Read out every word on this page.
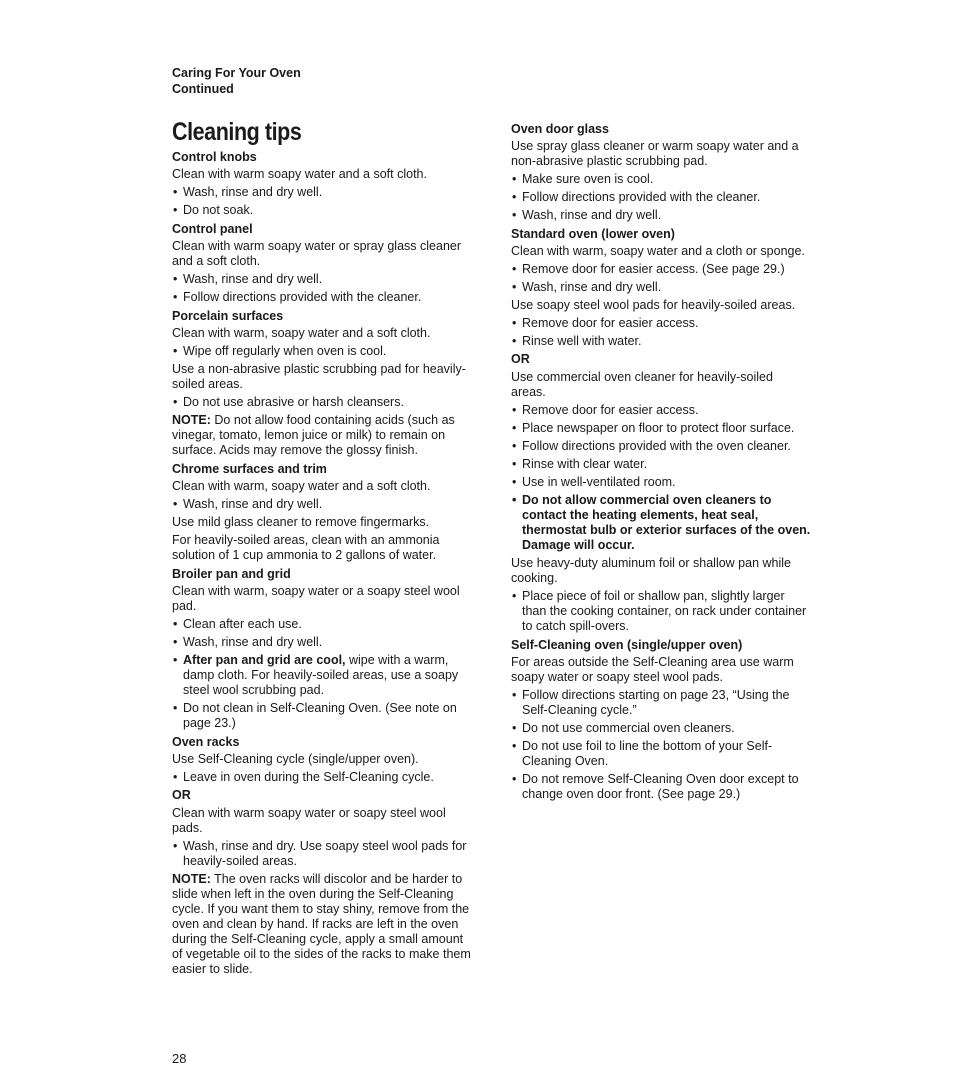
Caring For Your Oven
Continued
Cleaning tips
Control knobs
Clean with warm soapy water and a soft cloth.
• Wash, rinse and dry well.
• Do not soak.
Control panel
Clean with warm soapy water or spray glass cleaner and a soft cloth.
• Wash, rinse and dry well.
• Follow directions provided with the cleaner.
Porcelain surfaces
Clean with warm, soapy water and a soft cloth.
• Wipe off regularly when oven is cool.
Use a non-abrasive plastic scrubbing pad for heavily-soiled areas.
• Do not use abrasive or harsh cleansers.
NOTE: Do not allow food containing acids (such as vinegar, tomato, lemon juice or milk) to remain on surface. Acids may remove the glossy finish.
Chrome surfaces and trim
Clean with warm, soapy water and a soft cloth.
• Wash, rinse and dry well.
Use mild glass cleaner to remove fingermarks.
For heavily-soiled areas, clean with an ammonia solution of 1 cup ammonia to 2 gallons of water.
Broiler pan and grid
Clean with warm, soapy water or a soapy steel wool pad.
• Clean after each use.
• Wash, rinse and dry well.
• After pan and grid are cool, wipe with a warm, damp cloth. For heavily-soiled areas, use a soapy steel wool scrubbing pad.
• Do not clean in Self-Cleaning Oven. (See note on page 23.)
Oven racks
Use Self-Cleaning cycle (single/upper oven).
• Leave in oven during the Self-Cleaning cycle.
OR
Clean with warm soapy water or soapy steel wool pads.
• Wash, rinse and dry. Use soapy steel wool pads for heavily-soiled areas.
NOTE: The oven racks will discolor and be harder to slide when left in the oven during the Self-Cleaning cycle. If you want them to stay shiny, remove from the oven and clean by hand. If racks are left in the oven during the Self-Cleaning cycle, apply a small amount of vegetable oil to the sides of the racks to make them easier to slide.
Oven door glass
Use spray glass cleaner or warm soapy water and a non-abrasive plastic scrubbing pad.
• Make sure oven is cool.
• Follow directions provided with the cleaner.
• Wash, rinse and dry well.
Standard oven (lower oven)
Clean with warm, soapy water and a cloth or sponge.
• Remove door for easier access. (See page 29.)
• Wash, rinse and dry well.
Use soapy steel wool pads for heavily-soiled areas.
• Remove door for easier access.
• Rinse well with water.
OR
Use commercial oven cleaner for heavily-soiled areas.
• Remove door for easier access.
• Place newspaper on floor to protect floor surface.
• Follow directions provided with the oven cleaner.
• Rinse with clear water.
• Use in well-ventilated room.
• Do not allow commercial oven cleaners to contact the heating elements, heat seal, thermostat bulb or exterior surfaces of the oven. Damage will occur.
Use heavy-duty aluminum foil or shallow pan while cooking.
• Place piece of foil or shallow pan, slightly larger than the cooking container, on rack under container to catch spill-overs.
Self-Cleaning oven (single/upper oven)
For areas outside the Self-Cleaning area use warm soapy water or soapy steel wool pads.
• Follow directions starting on page 23, “Using the Self-Cleaning cycle.”
• Do not use commercial oven cleaners.
• Do not use foil to line the bottom of your Self-Cleaning Oven.
• Do not remove Self-Cleaning Oven door except to change oven door front. (See page 29.)
28
